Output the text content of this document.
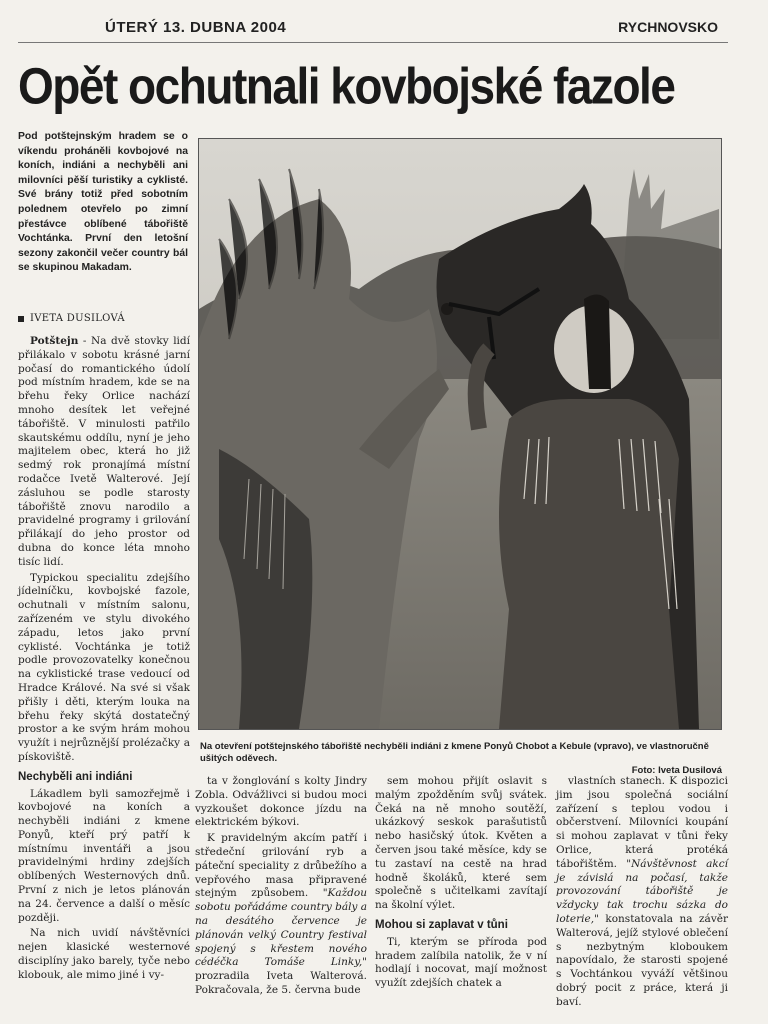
ÚTERÝ 13. DUBNA 2004	RYCHNOVSKO
Opět ochutnali kovbojské fazole
Pod potštejnským hradem se o víkendu proháněli kovbojové na koních, indiáni a nechyběli ani milovníci pěší turistiky a cyklisté. Své brány totiž před sobotním polednem otevřelo po zimní přestávce oblíbené tábořiště Vochtánka. První den letošní sezony zakončil večer country bál se skupinou Makadam.
IVETA DUSILOVÁ

Potštejn - Na dvě stovky lidí přilákalo v sobotu krásné jarní počasí do romantického údolí pod místním hradem, kde se na břehu řeky Orlice nachází mnoho desítek let veřejné tábořiště. V minulosti patřilo skautskému oddílu, nyní je jeho majitelem obec, která ho již sedmý rok pronajímá místní rodačce Ivetě Walterové. Její zásluhou se podle starosty tábořiště znovu narodilo a pravidelné programy i grilování přilákají do jeho prostor od dubna do konce léta mnoho tisíc lidí.

Typickou specialitu zdejšího jídelníčku, kovbojské fazole, ochutnali v místním salonu, zařízeném ve stylu divokého západu, letos jako první cyklisté. Vochtánka je totiž podle provozovatelky konečnou na cyklistické trase vedoucí od Hradce Králové. Na své si však přišly i děti, kterým louka na břehu řeky skýtá dostatečný prostor a ke svým hrám mohou využít i nejrůznější prolézačky a pískoviště.

Nechyběli ani indiáni

Lákadlem byli samozřejmě i kovbojové na koních a nechyběli indiáni z kmene Ponyů, kteří prý patří k místnímu inventáři a jsou pravidelnými hrdiny zdejších oblíbených Westernových dnů. První z nich je letos plánován na 24. července a další o měsíc později.

Na nich uvidí návštěvníci nejen klasické westernové disciplíny jako barely, tyče nebo klobouk, ale mimo jiné i vy-

Na otevření potštejnského tábořiště nechyběli indiáni z kmene Ponyů Chobot a Kebule (vpravo), ve vlastnoručně ušitých oděvech.
Foto: Iveta Dusilová

ta v žonglování s kolty Jindry Zobla. Odvážlivci si budou moci vyzkoušet dokonce jízdu na elektrickém býkovi.

K pravidelným akcím patří i středeční grilování ryb a páteční speciality z drůbežího a vepřového masa připravené stejným způsobem. "Každou sobotu pořádáme country bály a na desátého července je plánován velký Country festival spojený s křestem nového cédéčka Tomáše Linky," prozradila Iveta Walterová. Pokračovala, že 5. června bude

sem mohou přijít oslavit s malým zpožděním svůj svátek. Čeká na ně mnoho soutěží, ukázkový seskok parašutistů nebo hasičský útok. Květen a červen jsou také měsíce, kdy se tu zastaví na cestě na hrad hodně školáků, které sem společně s učitelkami zavítají na školní výlet.

Mohou si zaplavat v tůni

Ti, kterým se příroda pod hradem zalíbila natolik, že v ní hodlají i nocovat, mají možnost využít zdejších chatek a

vlastních stanech. K dispozici jim jsou společná sociální zařízení s teplou vodou i občerstvení. Milovníci koupání si mohou zaplavat v tůni řeky Orlice, která protéká tábořištěm. "Návštěvnost akcí je závislá na počasí, takže provozování tábořiště je vždycky tak trochu sázka do loterie," konstatovala na závěr Walterová, jejíž stylové oblečení s nezbytným kloboukem napovídalo, že starosti spojené s Vochtánkou vyváží většinou dobrý pocit z práce, která ji baví.
